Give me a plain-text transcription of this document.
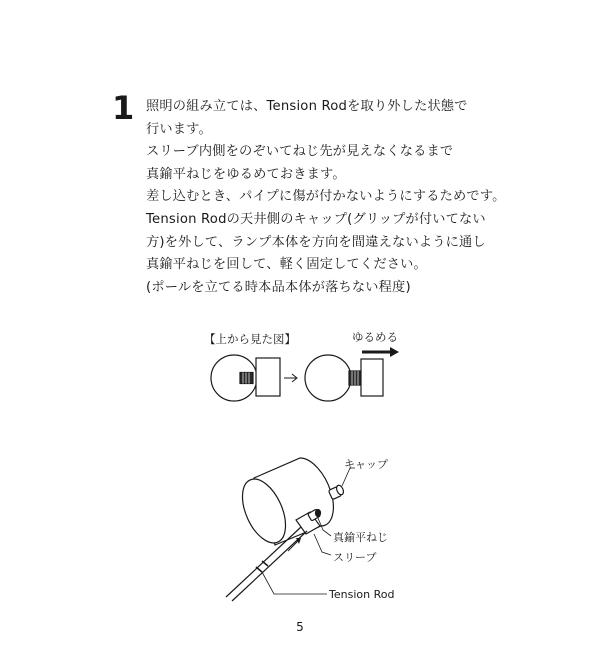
1 照明の組み立ては、Tension Rodを取り外した状態で
行います。
スリーブ内側をのぞいてねじ先が見えなくなるまで
真鍮平ねじをゆるめておきます。
差し込むとき、パイプに傷が付かないようにするためです。
Tension Rodの天井側のキャップ(グリップが付いてない
方)を外して、ランプ本体を方向を間違えないように通し
真鍮平ねじを回して、軽く固定してください。
(ポールを立てる時本品本体が落ちない程度)
【上から見た図】	ゆるめる
キャップ
真鍮平ねじ
スリーブ
Tension Rod
5
